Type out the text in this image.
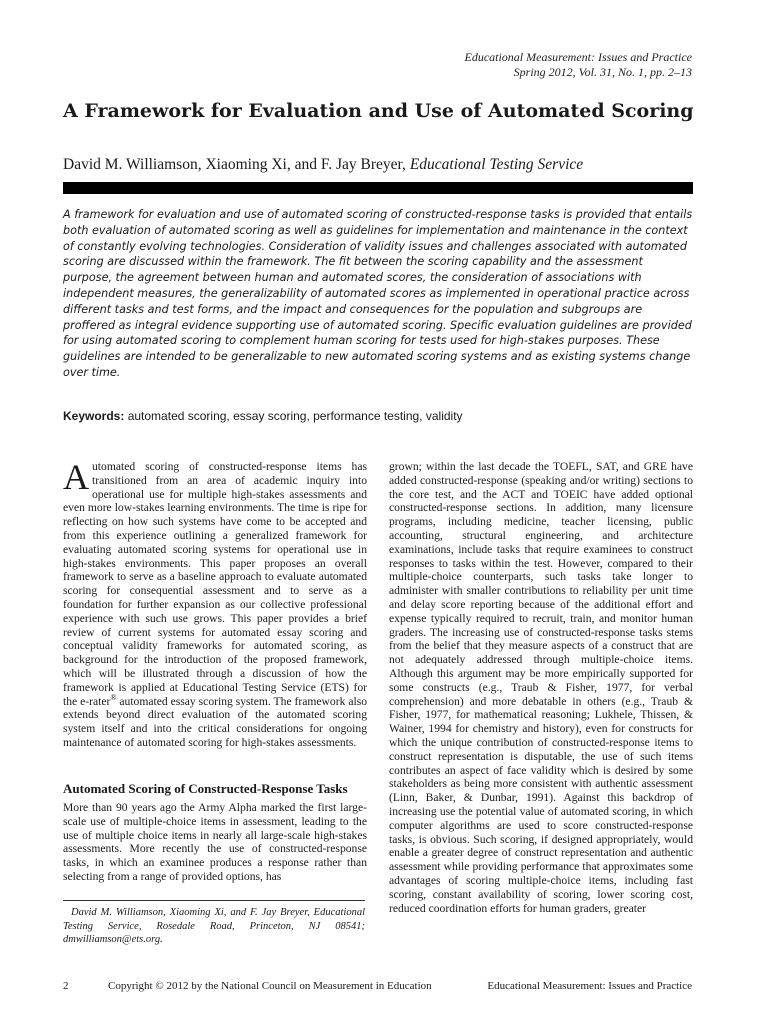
Educational Measurement: Issues and Practice
Spring 2012, Vol. 31, No. 1, pp. 2–13
A Framework for Evaluation and Use of Automated Scoring
David M. Williamson, Xiaoming Xi, and F. Jay Breyer, Educational Testing Service

A framework for evaluation and use of automated scoring of constructed-response tasks is provided that entails both evaluation of automated scoring as well as guidelines for implementation and maintenance in the context of constantly evolving technologies. Consideration of validity issues and challenges associated with automated scoring are discussed within the framework. The fit between the scoring capability and the assessment purpose, the agreement between human and automated scores, the consideration of associations with independent measures, the generalizability of automated scores as implemented in operational practice across different tasks and test forms, and the impact and consequences for the population and subgroups are proffered as integral evidence supporting use of automated scoring. Specific evaluation guidelines are provided for using automated scoring to complement human scoring for tests used for high-stakes purposes. These guidelines are intended to be generalizable to new automated scoring systems and as existing systems change over time.

Keywords: automated scoring, essay scoring, performance testing, validity

Automated scoring of constructed-response items has transitioned from an area of academic inquiry into operational use for multiple high-stakes assessments and even more low-stakes learning environments. The time is ripe for reflecting on how such systems have come to be accepted and from this experience outlining a generalized framework for evaluating automated scoring systems for operational use in high-stakes environments. This paper proposes an overall framework to serve as a baseline approach to evaluate automated scoring for consequential assessment and to serve as a foundation for further expansion as our collective professional experience with such use grows. This paper provides a brief review of current systems for automated essay scoring and conceptual validity frameworks for automated scoring, as background for the introduction of the proposed framework, which will be illustrated through a discussion of how the framework is applied at Educational Testing Service (ETS) for the e-rater® automated essay scoring system. The framework also extends beyond direct evaluation of the automated scoring system itself and into the critical considerations for ongoing maintenance of automated scoring for high-stakes assessments.

Automated Scoring of Constructed-Response Tasks

More than 90 years ago the Army Alpha marked the first large-scale use of multiple-choice items in assessment, leading to the use of multiple choice items in nearly all large-scale high-stakes assessments. More recently the use of constructed-response tasks, in which an examinee produces a response rather than selecting from a range of provided options, has

David M. Williamson, Xiaoming Xi, and F. Jay Breyer, Educational Testing Service, Rosedale Road, Princeton, NJ 08541; dmwilliamson@ets.org.

grown; within the last decade the TOEFL, SAT, and GRE have added constructed-response (speaking and/or writing) sections to the core test, and the ACT and TOEIC have added optional constructed-response sections. In addition, many licensure programs, including medicine, teacher licensing, public accounting, structural engineering, and architecture examinations, include tasks that require examinees to construct responses to tasks within the test. However, compared to their multiple-choice counterparts, such tasks take longer to administer with smaller contributions to reliability per unit time and delay score reporting because of the additional effort and expense typically required to recruit, train, and monitor human graders. The increasing use of constructed-response tasks stems from the belief that they measure aspects of a construct that are not adequately addressed through multiple-choice items. Although this argument may be more empirically supported for some constructs (e.g., Traub & Fisher, 1977, for verbal comprehension) and more debatable in others (e.g., Traub & Fisher, 1977, for mathematical reasoning; Lukhele, Thissen, & Wainer, 1994 for chemistry and history), even for constructs for which the unique contribution of constructed-response items to construct representation is disputable, the use of such items contributes an aspect of face validity which is desired by some stakeholders as being more consistent with authentic assessment (Linn, Baker, & Dunbar, 1991). Against this backdrop of increasing use the potential value of automated scoring, in which computer algorithms are used to score constructed-response tasks, is obvious. Such scoring, if designed appropriately, would enable a greater degree of construct representation and authentic assessment while providing performance that approximates some advantages of scoring multiple-choice items, including fast scoring, constant availability of scoring, lower scoring cost, reduced coordination efforts for human graders, greater

2	Copyright © 2012 by the National Council on Measurement in Education	Educational Measurement: Issues and Practice
